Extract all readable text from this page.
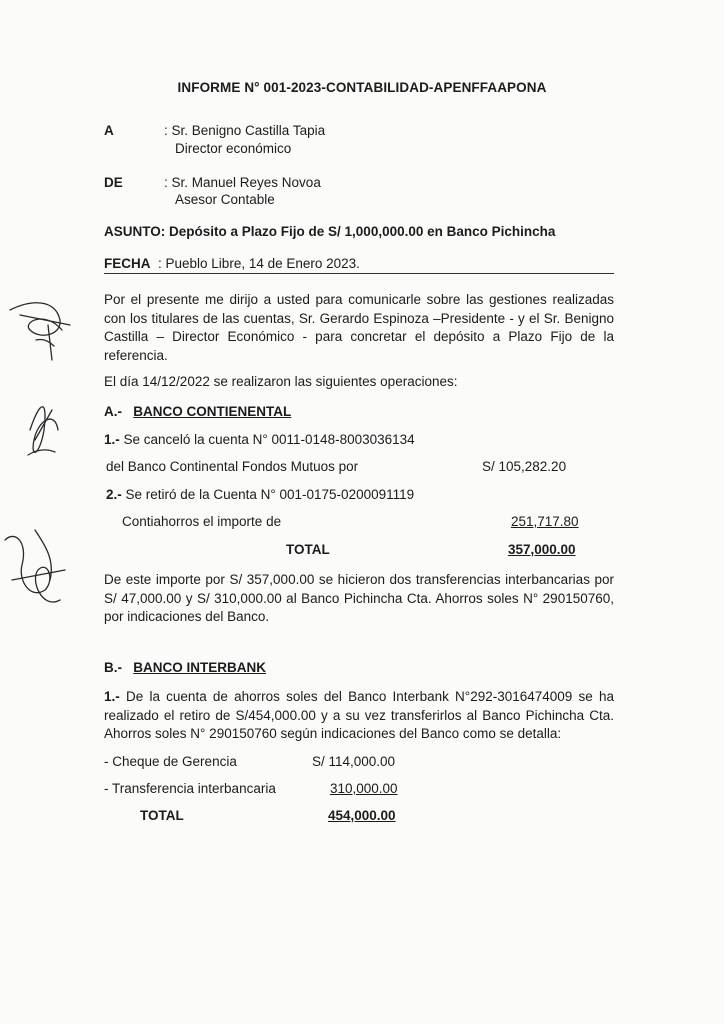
INFORME N° 001-2023-CONTABILIDAD-APENFFAAPONA
A	: Sr. Benigno Castilla Tapia
Director económico
DE	: Sr. Manuel Reyes Novoa
Asesor Contable
ASUNTO: Depósito a Plazo Fijo de S/ 1,000,000.00 en Banco Pichincha
FECHA : Pueblo Libre, 14 de Enero 2023.
Por el presente me dirijo a usted para comunicarle sobre las gestiones realizadas con los titulares de las cuentas, Sr. Gerardo Espinoza –Presidente - y el Sr. Benigno Castilla – Director Económico - para concretar el depósito a Plazo Fijo de la referencia.
El día 14/12/2022 se realizaron las siguientes operaciones:
A.- BANCO CONTIENENTAL
1.- Se canceló la cuenta N° 0011-0148-8003036134
del Banco Continental Fondos Mutuos por	S/ 105,282.20
2.- Se retiró de la Cuenta N° 001-0175-0200091119
Contiahorros el importe de	251,717.80
TOTAL	357,000.00
De este importe por S/ 357,000.00 se hicieron dos transferencias interbancarias por S/ 47,000.00 y S/ 310,000.00 al Banco Pichincha Cta. Ahorros soles N° 290150760, por indicaciones del Banco.
B.- BANCO INTERBANK
1.- De la cuenta de ahorros soles del Banco Interbank N°292-3016474009 se ha realizado el retiro de S/454,000.00 y a su vez transferirlos al Banco Pichincha Cta. Ahorros soles N° 290150760 según indicaciones del Banco como se detalla:
- Cheque de Gerencia	S/ 114,000.00
- Transferencia interbancaria	310,000.00
TOTAL	454,000.00
